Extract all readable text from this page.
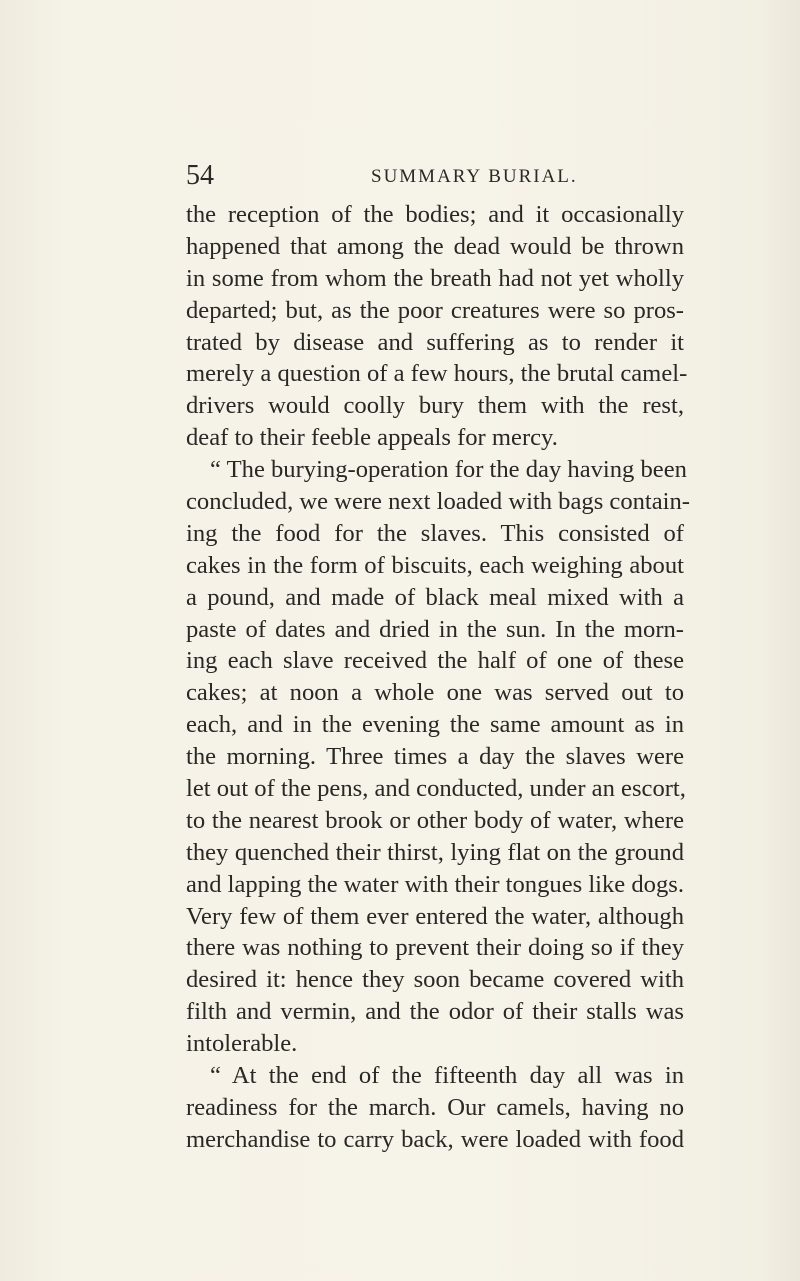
54	SUMMARY BURIAL.
the reception of the bodies; and it occasionally
happened that among the dead would be thrown
in some from whom the breath had not yet wholly
departed; but, as the poor creatures were so pros-
trated by disease and suffering as to render it
merely a question of a few hours, the brutal camel-
drivers would coolly bury them with the rest,
deaf to their feeble appeals for mercy.
“ The burying-operation for the day having been
concluded, we were next loaded with bags contain-
ing the food for the slaves. This consisted of
cakes in the form of biscuits, each weighing about
a pound, and made of black meal mixed with a
paste of dates and dried in the sun. In the morn-
ing each slave received the half of one of these
cakes; at noon a whole one was served out to
each, and in the evening the same amount as in
the morning. Three times a day the slaves were
let out of the pens, and conducted, under an escort,
to the nearest brook or other body of water, where
they quenched their thirst, lying flat on the ground
and lapping the water with their tongues like dogs.
Very few of them ever entered the water, although
there was nothing to prevent their doing so if they
desired it: hence they soon became covered with
filth and vermin, and the odor of their stalls was
intolerable.
“ At the end of the fifteenth day all was in
readiness for the march. Our camels, having no
merchandise to carry back, were loaded with food
